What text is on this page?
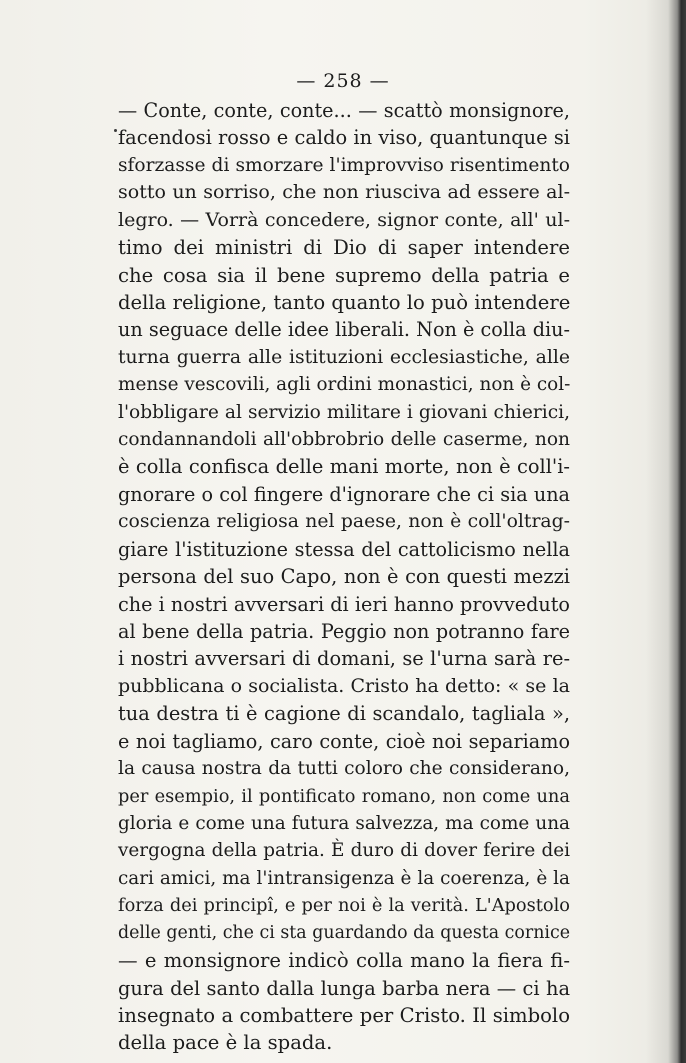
— 258 —
— Conte, conte, conte... — scattò monsignore,
facendosi rosso e caldo in viso, quantunque si
sforzasse di smorzare l'improvviso risentimento
sotto un sorriso, che non riusciva ad essere al-
legro. — Vorrà concedere, signor conte, all' ul-
timo dei ministri di Dio di saper intendere
che cosa sia il bene supremo della patria e
della religione, tanto quanto lo può intendere
un seguace delle idee liberali. Non è colla diu-
turna guerra alle istituzioni ecclesiastiche, alle
mense vescovili, agli ordini monastici, non è col-
l'obbligare al servizio militare i giovani chierici,
condannandoli all'obbrobrio delle caserme, non
è colla confisca delle mani morte, non è coll'i-
gnorare o col fingere d'ignorare che ci sia una
coscienza religiosa nel paese, non è coll'oltrag-
giare l'istituzione stessa del cattolicismo nella
persona del suo Capo, non è con questi mezzi
che i nostri avversari di ieri hanno provveduto
al bene della patria. Peggio non potranno fare
i nostri avversari di domani, se l'urna sarà re-
pubblicana o socialista. Cristo ha detto: « se la
tua destra ti è cagione di scandalo, tagliala »,
e noi tagliamo, caro conte, cioè noi separiamo
la causa nostra da tutti coloro che considerano,
per esempio, il pontificato romano, non come una
gloria e come una futura salvezza, ma come una
vergogna della patria. È duro di dover ferire dei
cari amici, ma l'intransigenza è la coerenza, è la
forza dei principî, e per noi è la verità. L'Apostolo
delle genti, che ci sta guardando da questa cornice
— e monsignore indicò colla mano la fiera fi-
gura del santo dalla lunga barba nera — ci ha
insegnato a combattere per Cristo. Il simbolo
della pace è la spada.
